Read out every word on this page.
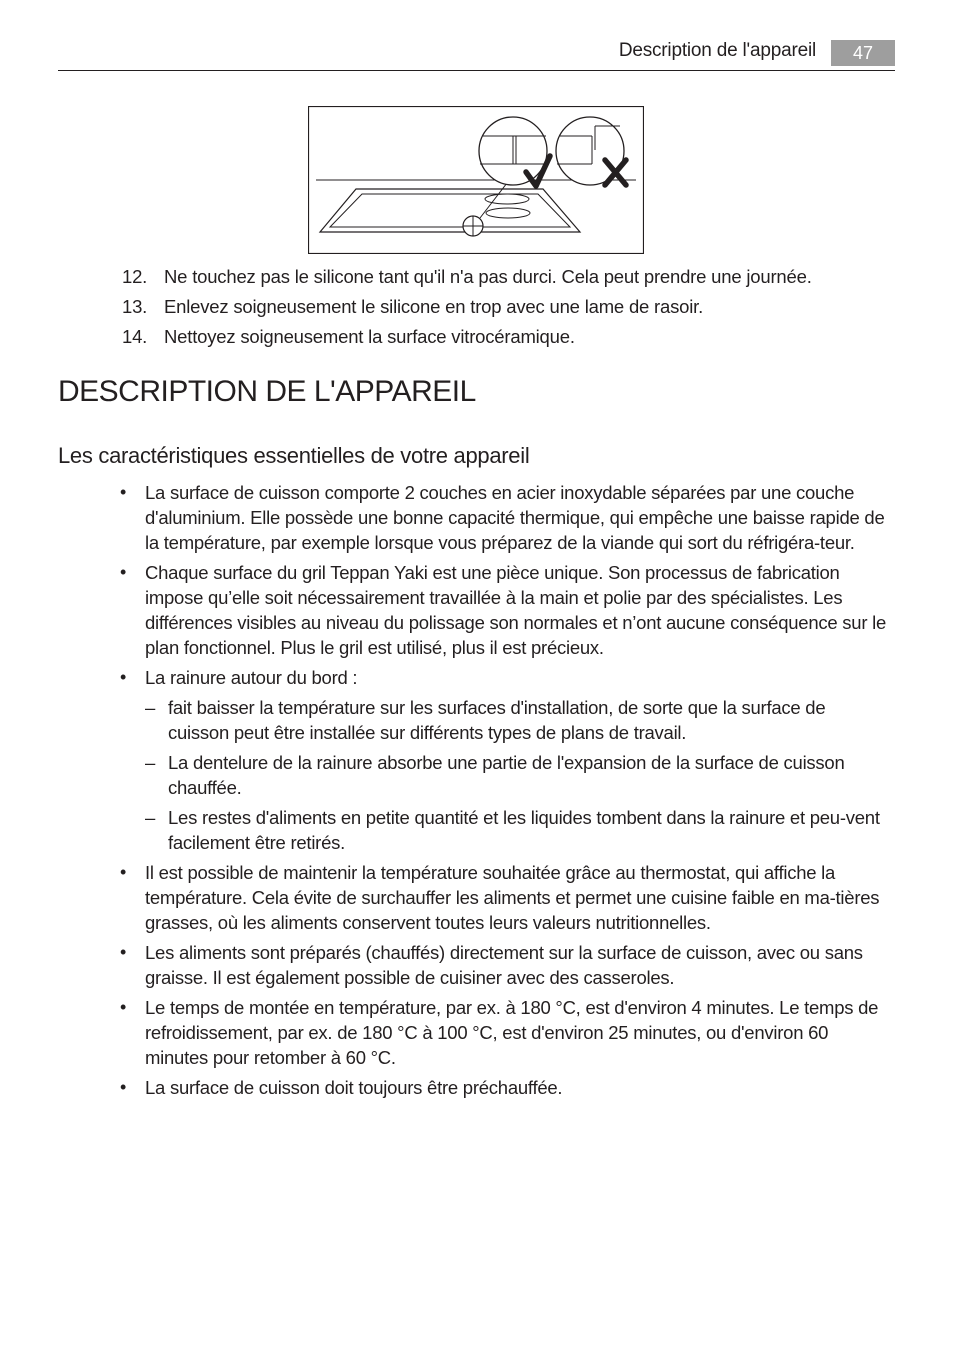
Description de l'appareil	47
12. Ne touchez pas le silicone tant qu'il n'a pas durci. Cela peut prendre une journée.
13. Enlevez soigneusement le silicone en trop avec une lame de rasoir.
14. Nettoyez soigneusement la surface vitrocéramique.
DESCRIPTION DE L'APPAREIL
Les caractéristiques essentielles de votre appareil
• La surface de cuisson comporte 2 couches en acier inoxydable séparées par une couche d'aluminium. Elle possède une bonne capacité thermique, qui empêche une baisse rapide de la température, par exemple lorsque vous préparez de la viande qui sort du réfrigéra-teur.
• Chaque surface du gril Teppan Yaki est une pièce unique. Son processus de fabrication impose qu’elle soit nécessairement travaillée à la main et polie par des spécialistes. Les différences visibles au niveau du polissage son normales et n’ont aucune conséquence sur le plan fonctionnel. Plus le gril est utilisé, plus il est précieux.
• La rainure autour du bord :
– fait baisser la température sur les surfaces d'installation, de sorte que la surface de cuisson peut être installée sur différents types de plans de travail.
– La dentelure de la rainure absorbe une partie de l'expansion de la surface de cuisson chauffée.
– Les restes d'aliments en petite quantité et les liquides tombent dans la rainure et peu-vent facilement être retirés.
• Il est possible de maintenir la température souhaitée grâce au thermostat, qui affiche la température. Cela évite de surchauffer les aliments et permet une cuisine faible en ma-tières grasses, où les aliments conservent toutes leurs valeurs nutritionnelles.
• Les aliments sont préparés (chauffés) directement sur la surface de cuisson, avec ou sans graisse. Il est également possible de cuisiner avec des casseroles.
• Le temps de montée en température, par ex. à 180 °C, est d'environ 4 minutes. Le temps de refroidissement, par ex. de 180 °C à 100 °C, est d'environ 25 minutes, ou d'environ 60 minutes pour retomber à 60 °C.
• La surface de cuisson doit toujours être préchauffée.
